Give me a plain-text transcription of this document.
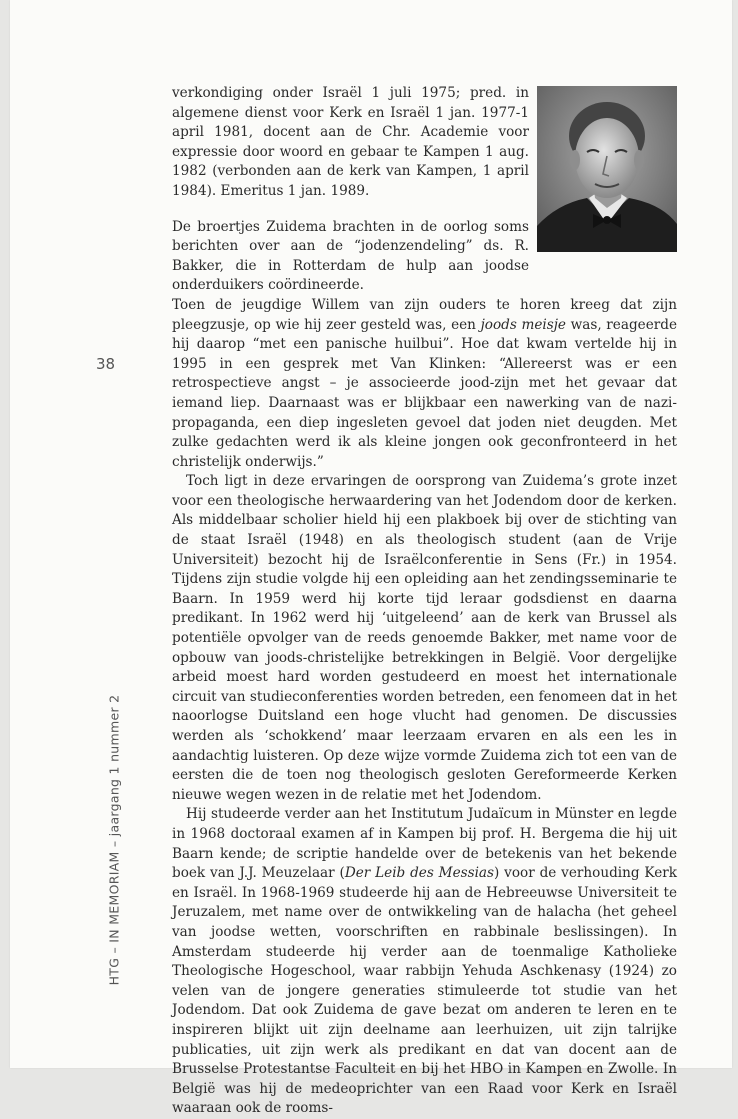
38
HTG – IN MEMORIAM – jaargang 1 nummer 2

verkondiging onder Israël 1 juli 1975; pred. in algemene dienst voor Kerk en Israël 1 jan. 1977-1 april 1981, docent aan de Chr. Academie voor expressie door woord en gebaar te Kampen 1 aug. 1982 (verbonden aan de kerk van Kampen, 1 april 1984). Emeritus 1 jan. 1989.

De broertjes Zuidema brachten in de oorlog soms berichten over aan de “jodenzendeling” ds. R. Bakker, die in Rotterdam de hulp aan joodse onderduikers coördineerde.
Toen de jeugdige Willem van zijn ouders te horen kreeg dat zijn pleegzusje, op wie hij zeer gesteld was, een joods meisje was, reageerde hij daarop “met een panische huilbui”. Hoe dat kwam vertelde hij in 1995 in een gesprek met Van Klinken: “Allereerst was er een retrospectieve angst – je associeerde jood-zijn met het gevaar dat iemand liep. Daarnaast was er blijkbaar een nawerking van de nazi-propaganda, een diep ingesleten gevoel dat joden niet deugden. Met zulke gedachten werd ik als kleine jongen ook geconfronteerd in het christelijk onderwijs.”

Toch ligt in deze ervaringen de oorsprong van Zuidema’s grote inzet voor een theologische herwaardering van het Jodendom door de kerken. Als middelbaar scholier hield hij een plakboek bij over de stichting van de staat Israël (1948) en als theologisch student (aan de Vrije Universiteit) bezocht hij de Israëlconferentie in Sens (Fr.) in 1954. Tijdens zijn studie volgde hij een opleiding aan het zendingsseminarie te Baarn. In 1959 werd hij korte tijd leraar godsdienst en daarna predikant. In 1962 werd hij ‘uitgeleend’ aan de kerk van Brussel als potentiële opvolger van de reeds genoemde Bakker, met name voor de opbouw van joods-christelijke betrekkingen in België. Voor dergelijke arbeid moest hard worden gestudeerd en moest het internationale circuit van studieconferenties worden betreden, een fenomeen dat in het naoorlogse Duitsland een hoge vlucht had genomen. De discussies werden als ‘schokkend’ maar leerzaam ervaren en als een les in aandachtig luisteren. Op deze wijze vormde Zuidema zich tot een van de eersten die de toen nog theologisch gesloten Gereformeerde Kerken nieuwe wegen wezen in de relatie met het Jodendom.

Hij studeerde verder aan het Institutum Judaïcum in Münster en legde in 1968 doctoraal examen af in Kampen bij prof. H. Bergema die hij uit Baarn kende; de scriptie handelde over de betekenis van het bekende boek van J.J. Meuzelaar (Der Leib des Messias) voor de verhouding Kerk en Israël. In 1968-1969 studeerde hij aan de Hebreeuwse Universiteit te Jeruzalem, met name over de ontwikkeling van de halacha (het geheel van joodse wetten, voorschriften en rabbinale beslissingen). In Amsterdam studeerde hij verder aan de toenmalige Katholieke Theologische Hogeschool, waar rabbijn Yehuda Aschkenasy (1924) zo velen van de jongere generaties stimuleerde tot studie van het Jodendom. Dat ook Zuidema de gave bezat om anderen te leren en te inspireren blijkt uit zijn deelname aan leerhuizen, uit zijn talrijke publicaties, uit zijn werk als predikant en dat van docent aan de Brusselse Protestantse Faculteit en bij het HBO in Kampen en Zwolle. In België was hij de medeoprichter van een Raad voor Kerk en Israël waaraan ook de rooms-
